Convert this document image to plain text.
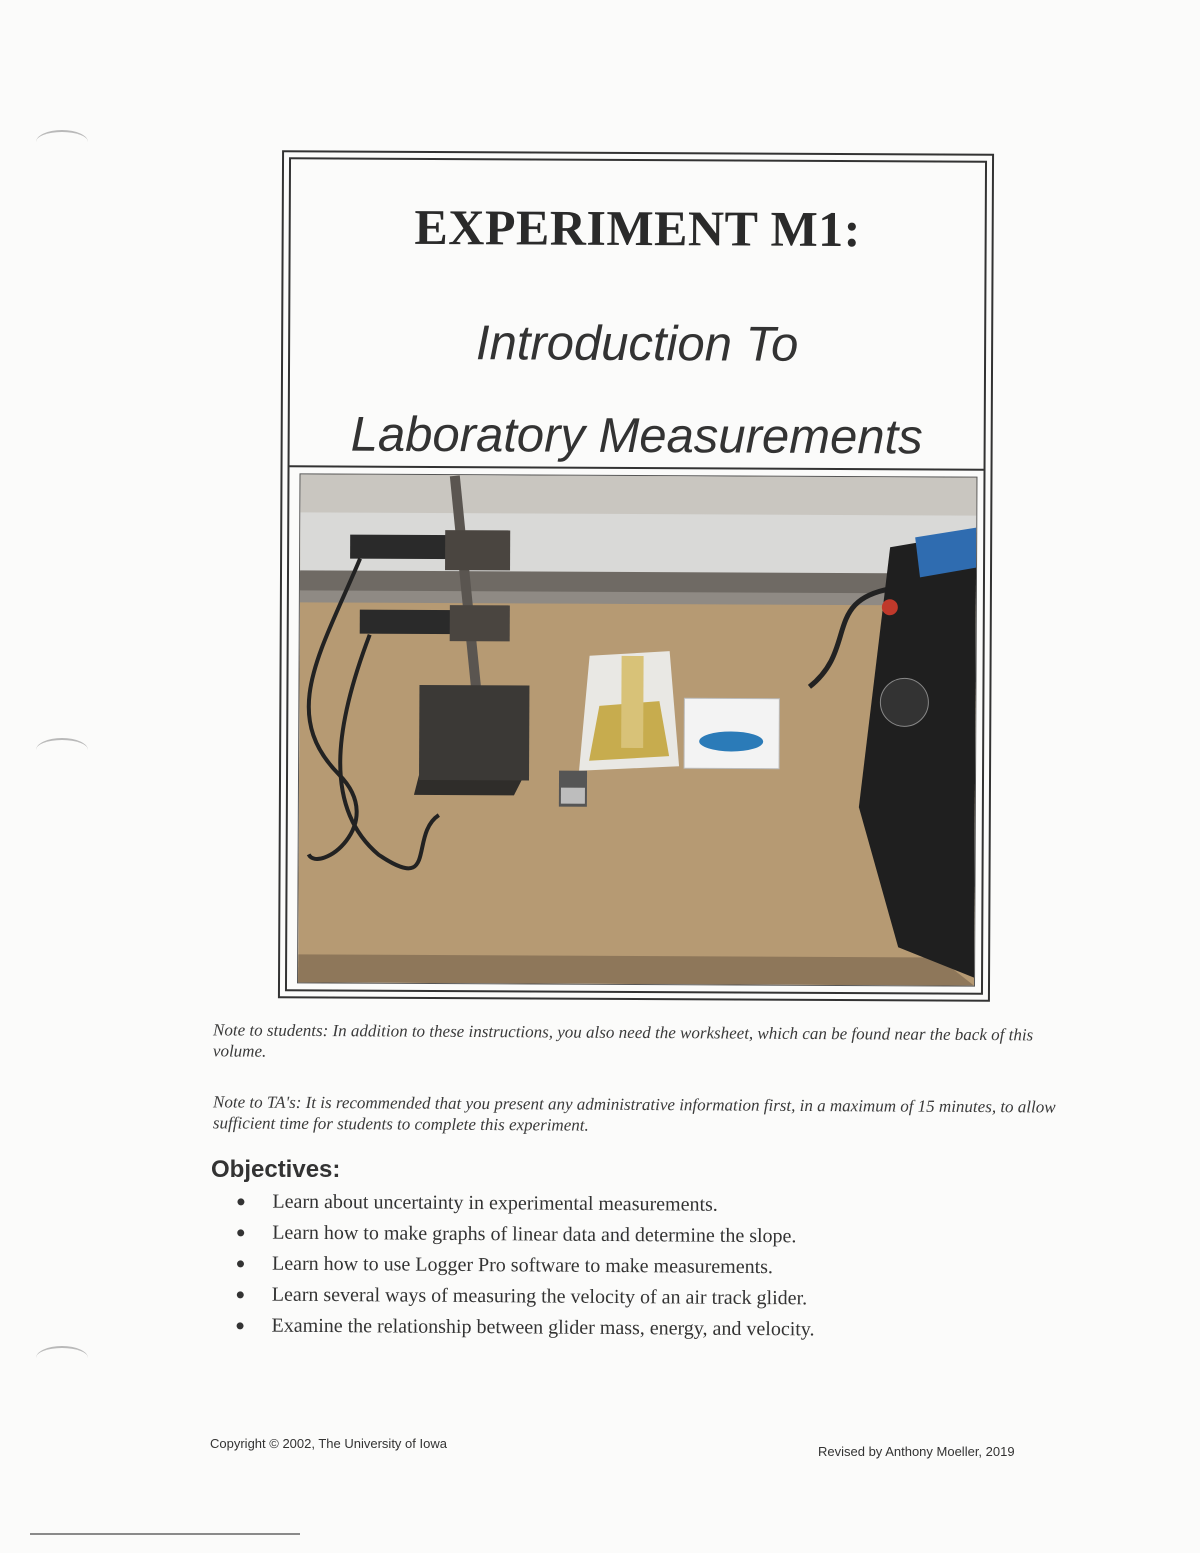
EXPERIMENT M1:
Introduction To
Laboratory Measurements
Note to students: In addition to these instructions, you also need the worksheet, which can be found near the back of this volume.
Note to TA's: It is recommended that you present any administrative information first, in a maximum of 15 minutes, to allow sufficient time for students to complete this experiment.
Objectives:
Learn about uncertainty in experimental measurements.
Learn how to make graphs of linear data and determine the slope.
Learn how to use Logger Pro software to make measurements.
Learn several ways of measuring the velocity of an air track glider.
Examine the relationship between glider mass, energy, and velocity.
Copyright © 2002, The University of Iowa
Revised by Anthony Moeller, 2019
